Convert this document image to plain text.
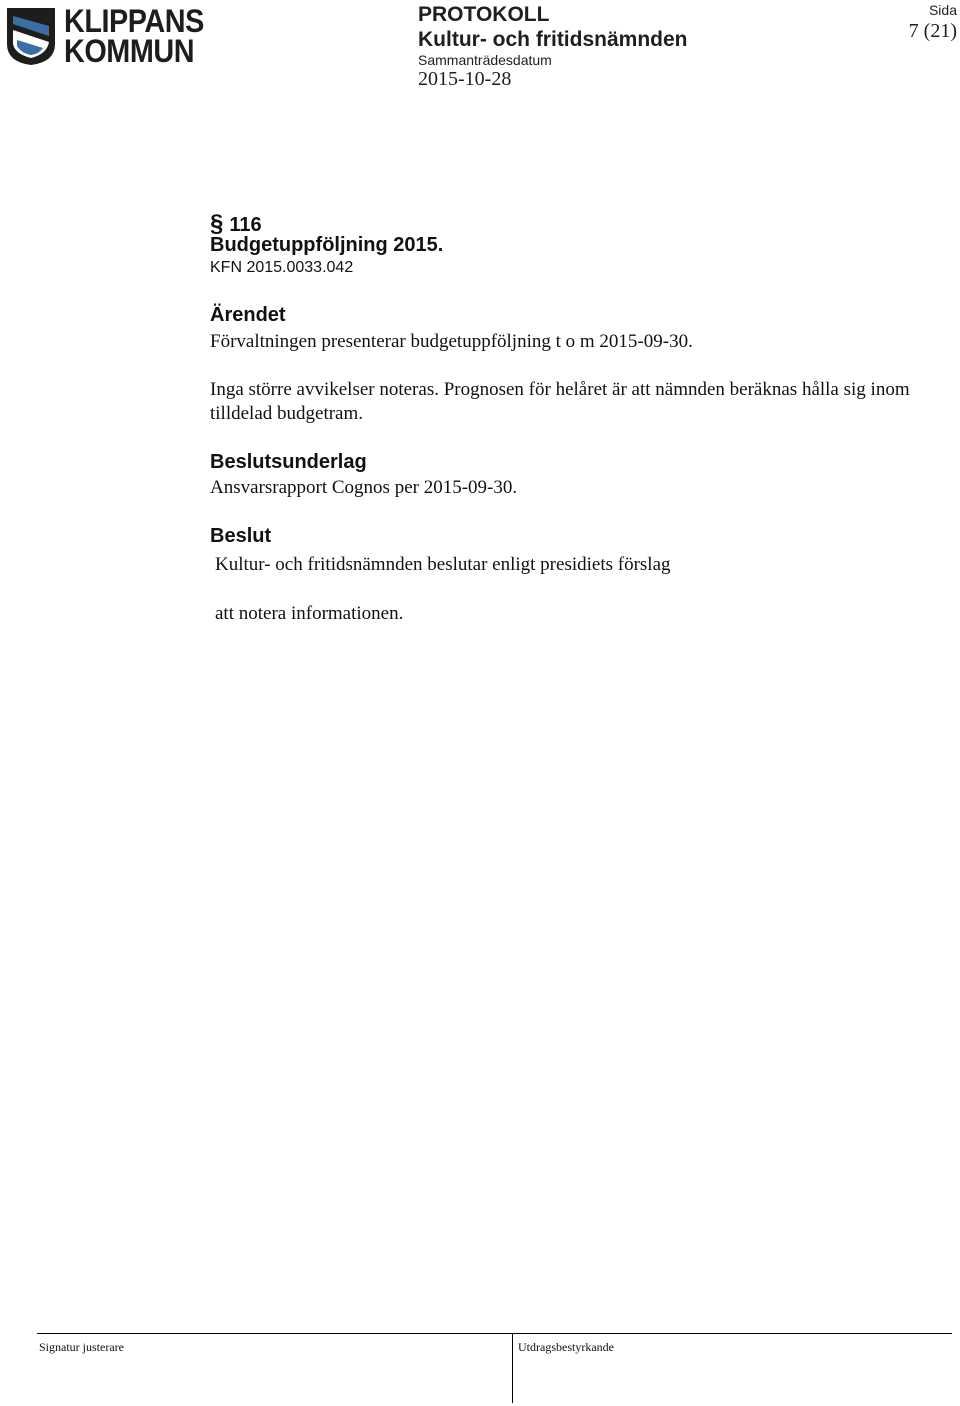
KLIPPANS
KOMMUN
PROTOKOLL
Kultur- och fritidsnämnden
Sammanträdesdatum
2015-10-28
Sida
7 (21)
§ 116
Budgetuppföljning 2015.
KFN 2015.0033.042
Ärendet
Förvaltningen presenterar budgetuppföljning t o m 2015-09-30.
Inga större avvikelser noteras. Prognosen för helåret är att nämnden beräknas hålla sig inom tilldelad budgetram.
Beslutsunderlag
Ansvarsrapport Cognos per 2015-09-30.
Beslut
Kultur- och fritidsnämnden beslutar enligt presidiets förslag
att notera informationen.
Signatur justerare	Utdragsbestyrkande
